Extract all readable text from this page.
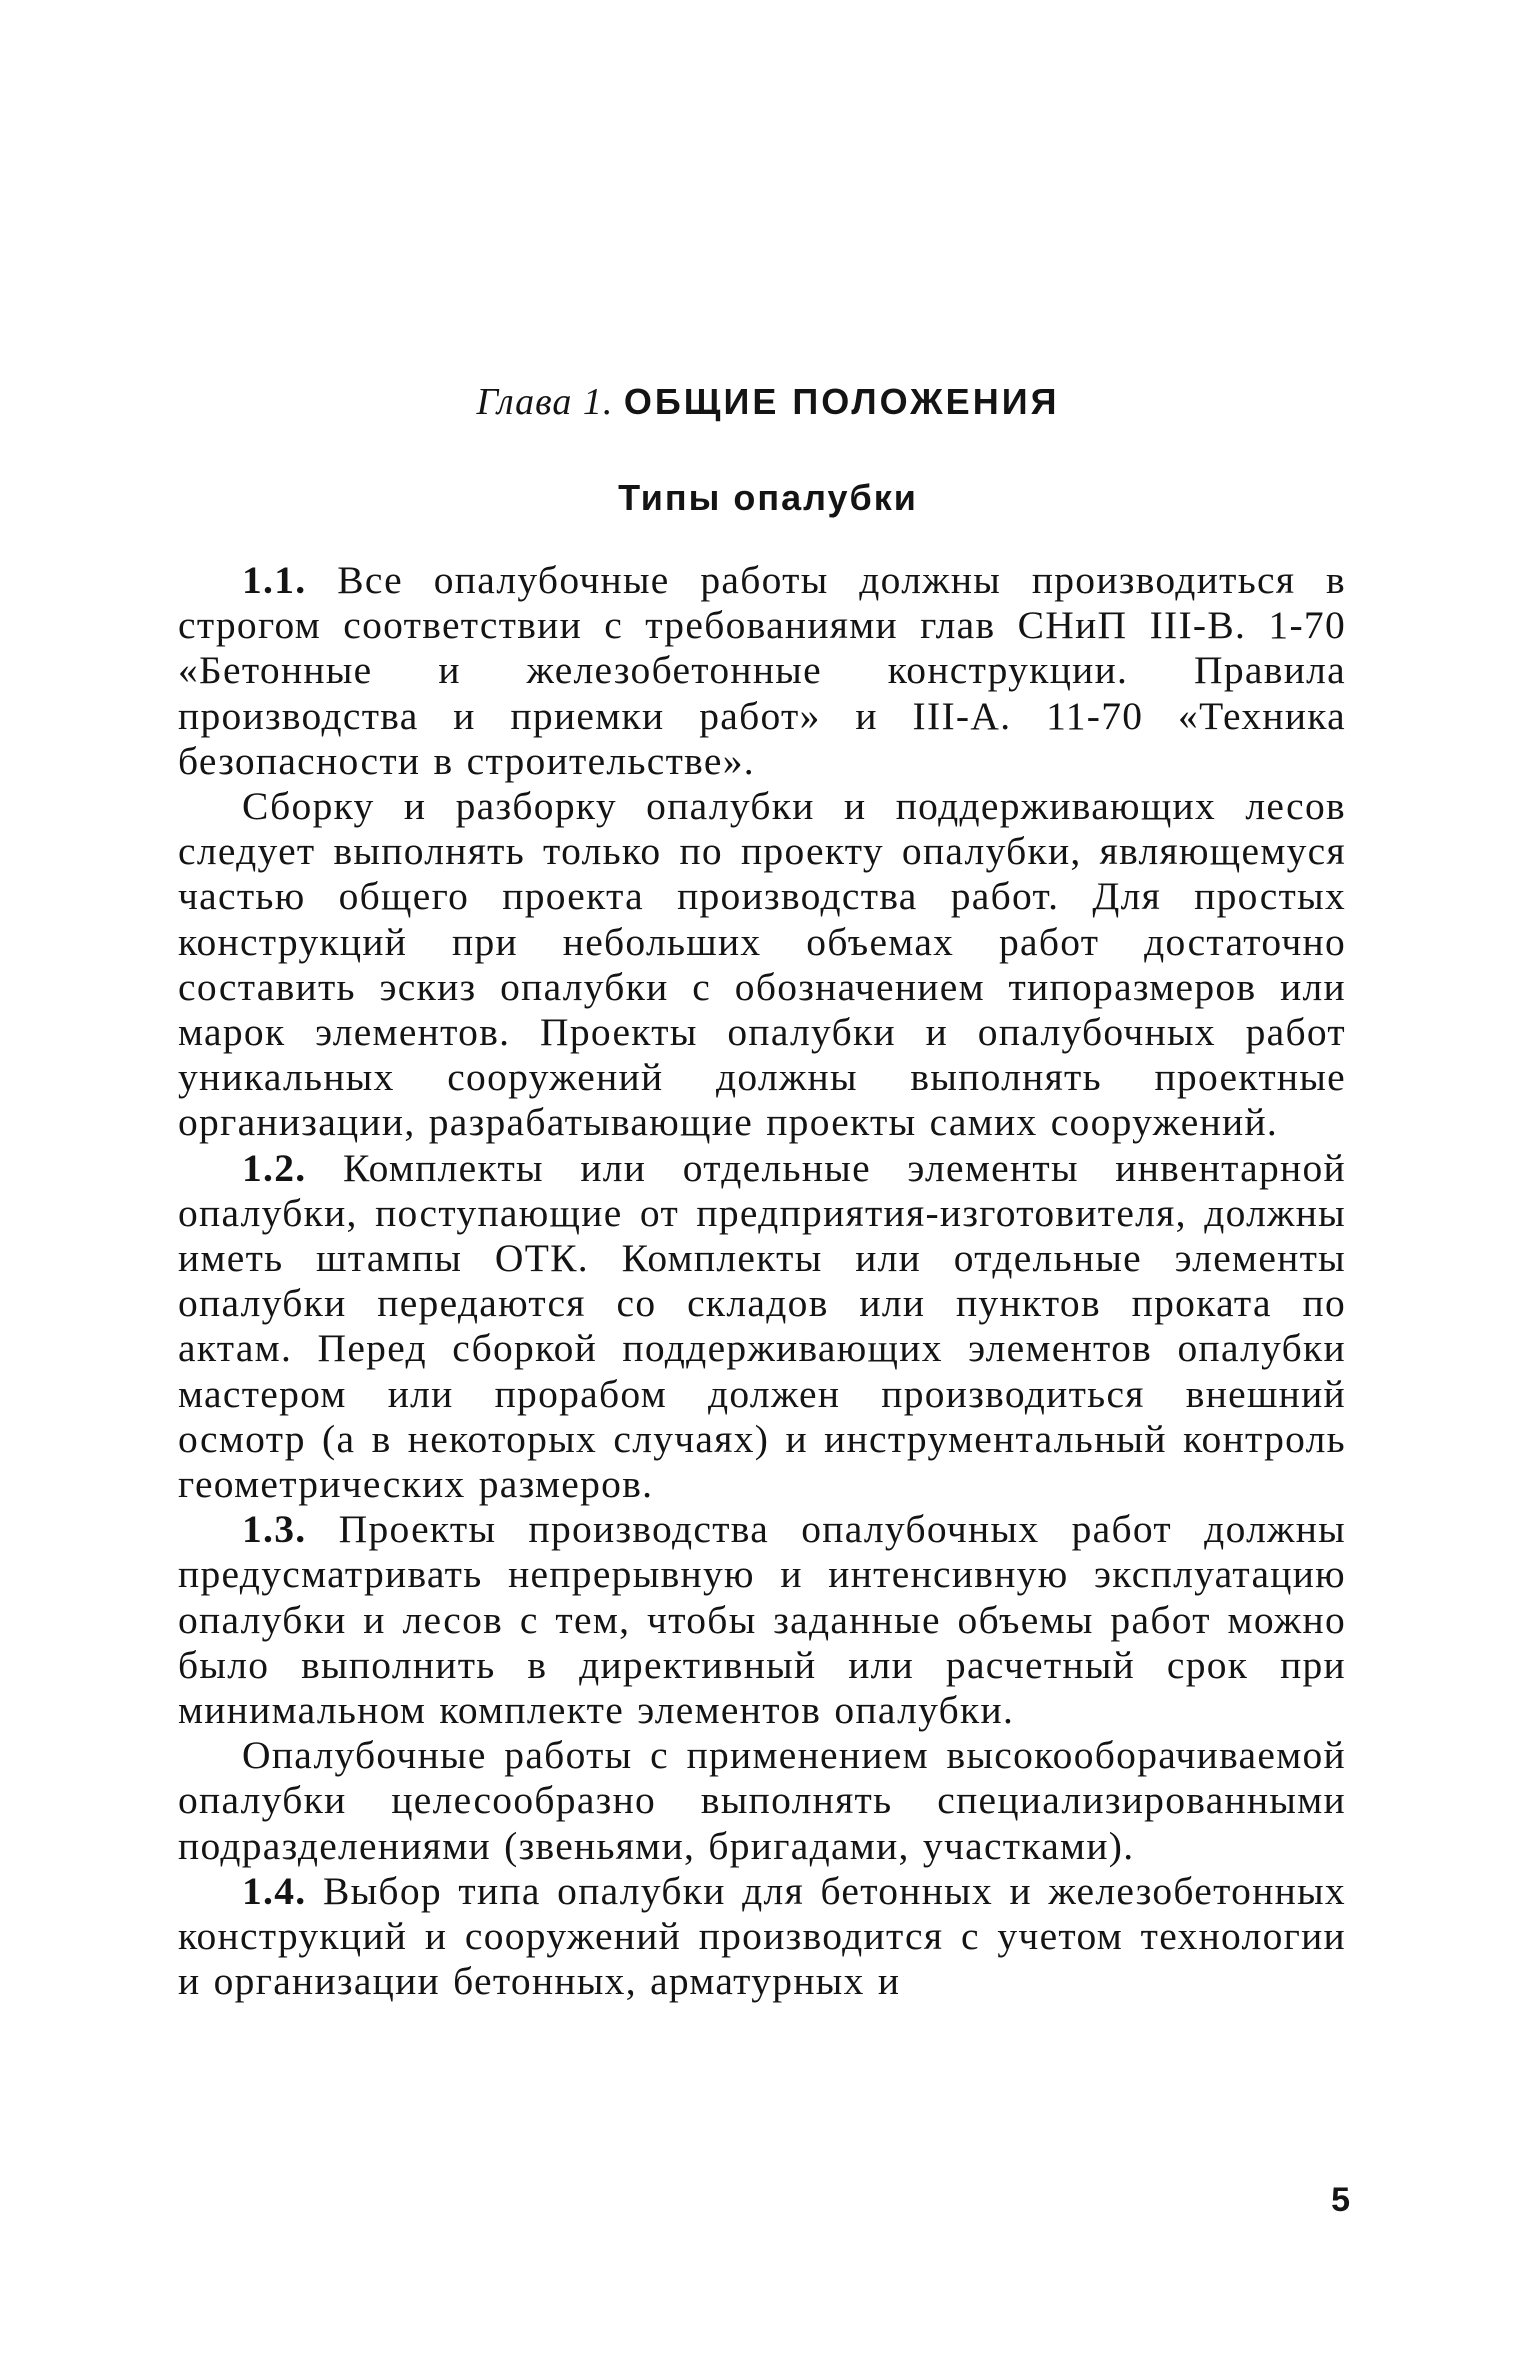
Глава 1. ОБЩИЕ ПОЛОЖЕНИЯ
Типы опалубки

1.1. Все опалубочные работы должны производиться в строгом соответствии с требованиями глав СНиП III-В. 1-70 «Бетонные и железобетонные конструкции. Правила производства и приемки работ» и III-А. 11-70 «Техника безопасности в строительстве».

Сборку и разборку опалубки и поддерживающих лесов следует выполнять только по проекту опалубки, являющемуся частью общего проекта производства работ. Для простых конструкций при небольших объемах работ достаточно составить эскиз опалубки с обозначением типоразмеров или марок элементов. Проекты опалубки и опалубочных работ уникальных сооружений должны выполнять проектные организации, разрабатывающие проекты самих сооружений.

1.2. Комплекты или отдельные элементы инвентарной опалубки, поступающие от предприятия-изготовителя, должны иметь штампы ОТК. Комплекты или отдельные элементы опалубки передаются со складов или пунктов проката по актам. Перед сборкой поддерживающих элементов опалубки мастером или прорабом должен производиться внешний осмотр (а в некоторых случаях) и инструментальный контроль геометрических размеров.

1.3. Проекты производства опалубочных работ должны предусматривать непрерывную и интенсивную эксплуатацию опалубки и лесов с тем, чтобы заданные объемы работ можно было выполнить в директивный или расчетный срок при минимальном комплекте элементов опалубки.

Опалубочные работы с применением высокооборачиваемой опалубки целесообразно выполнять специализированными подразделениями (звеньями, бригадами, участками).

1.4. Выбор типа опалубки для бетонных и железобетонных конструкций и сооружений производится с учетом технологии и организации бетонных, арматурных и

5
